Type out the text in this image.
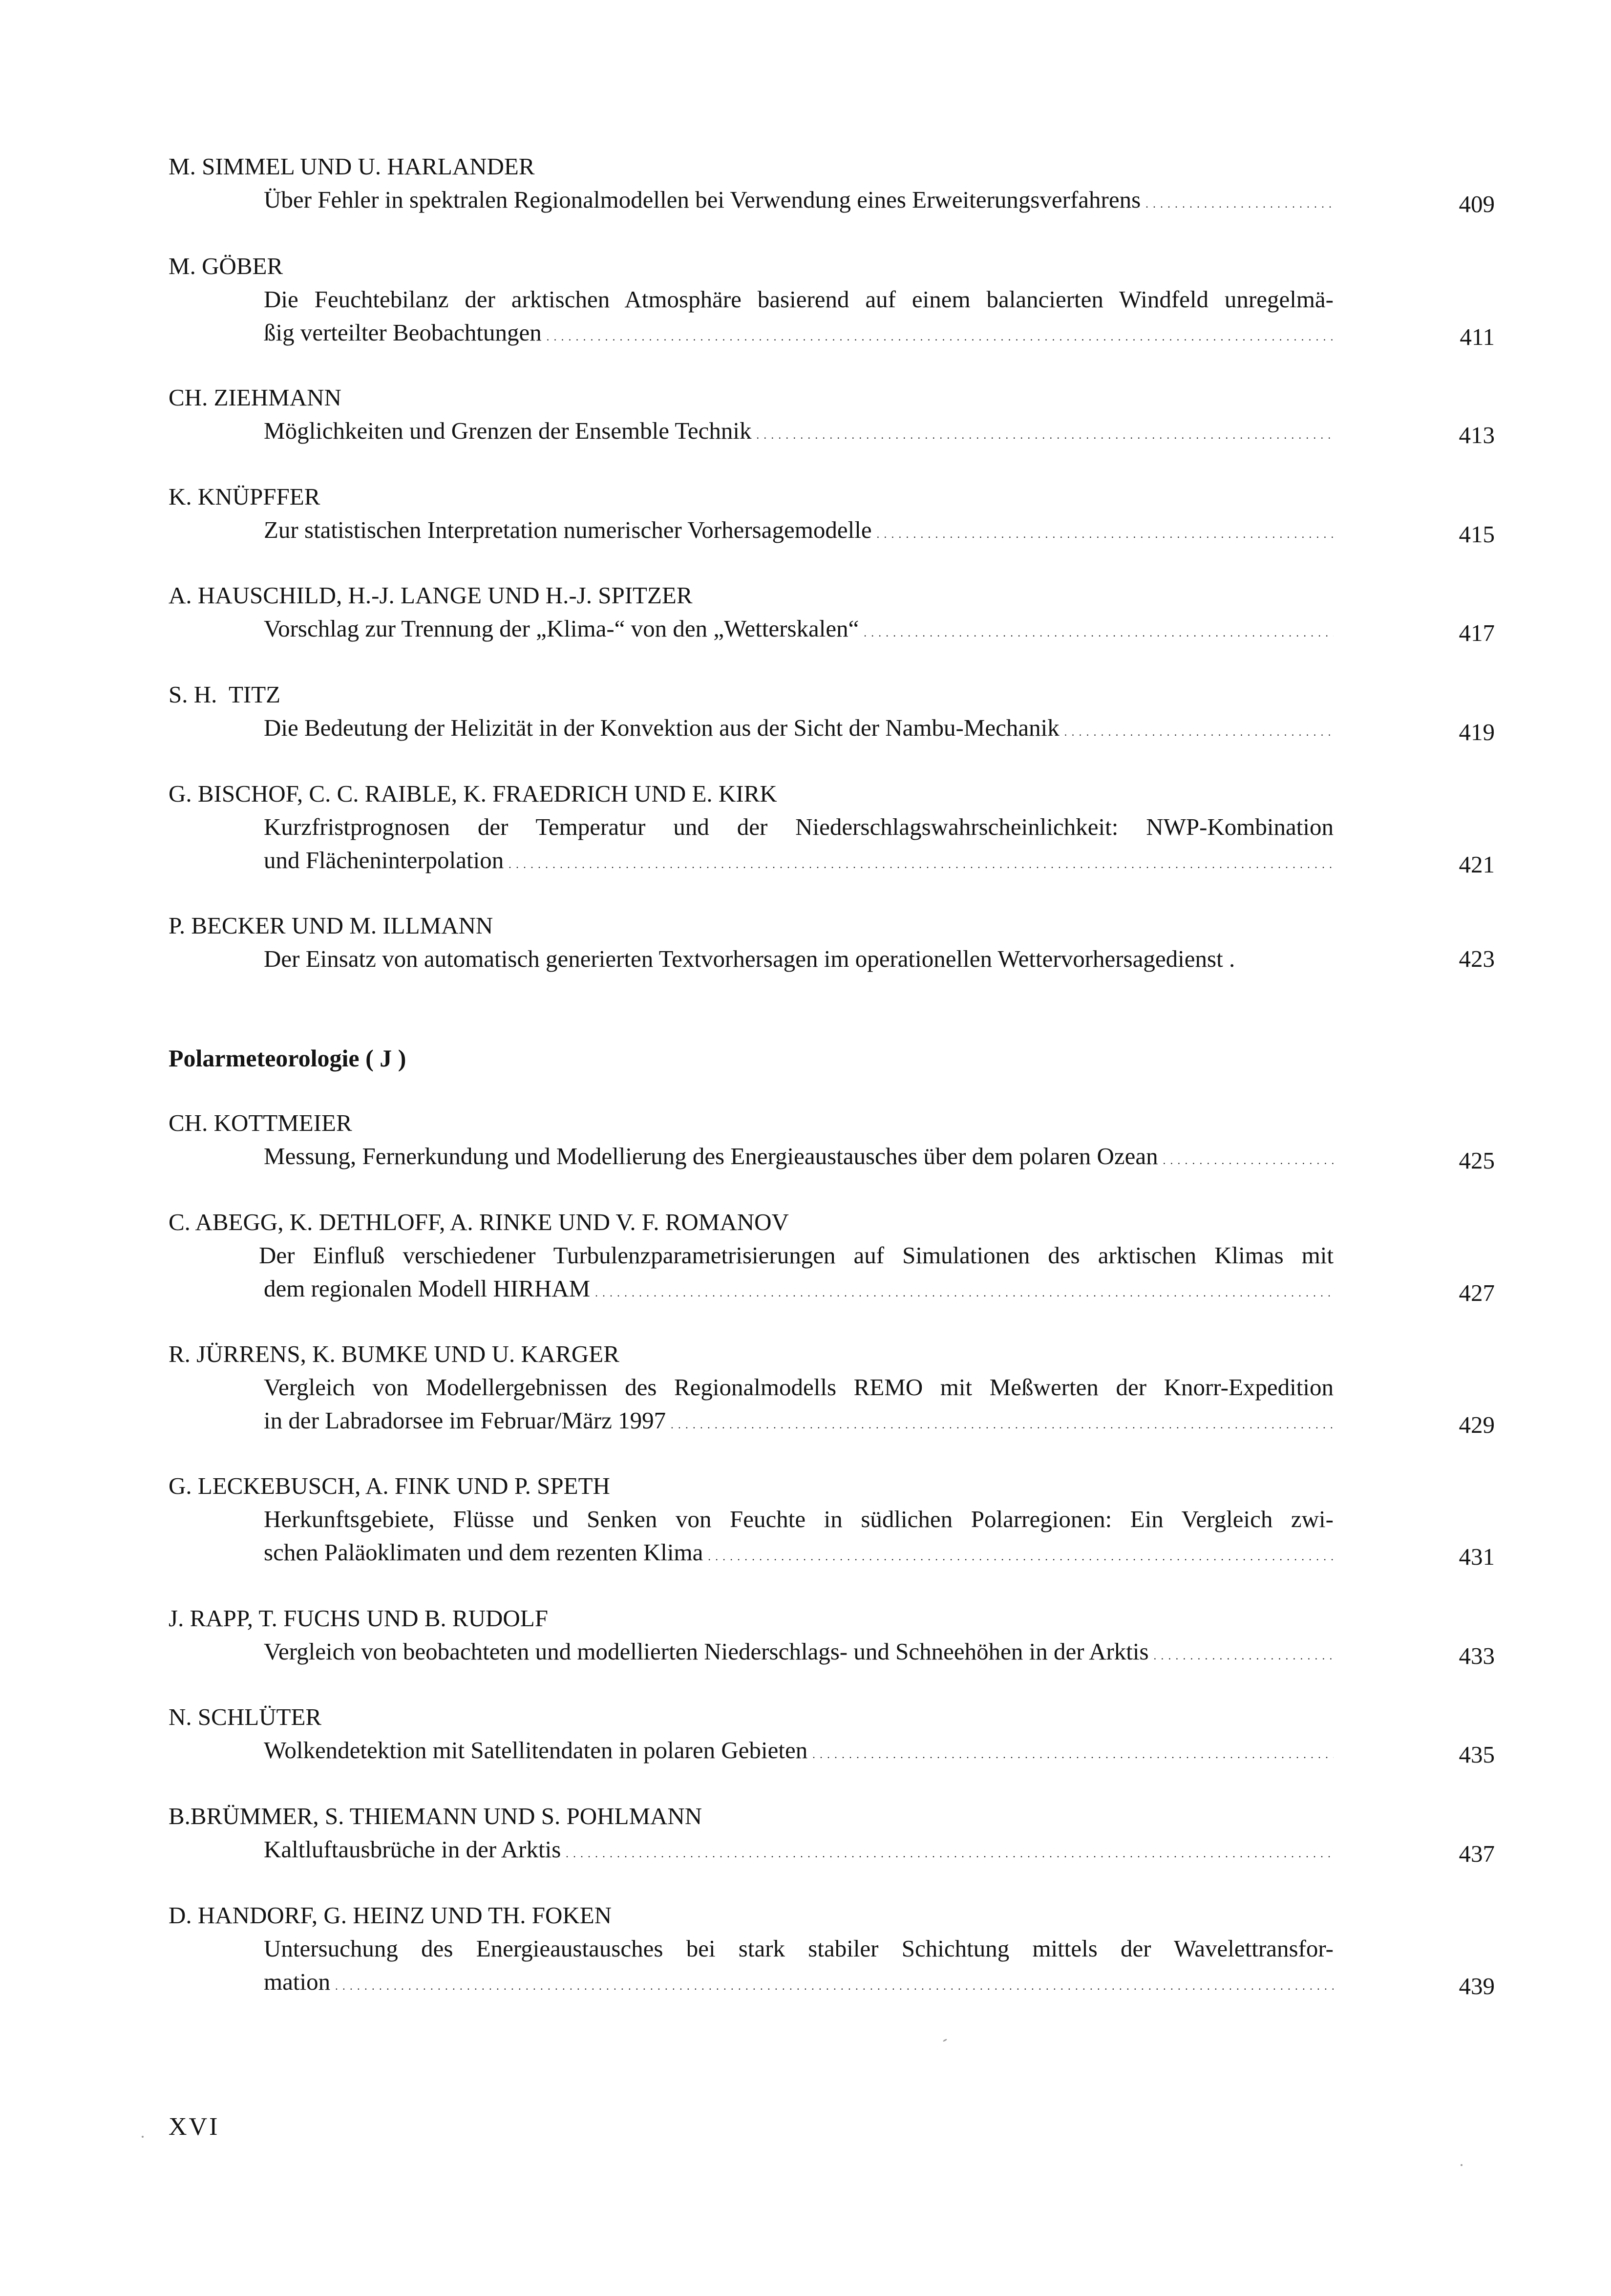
M. SIMMEL UND U. HARLANDER
Über Fehler in spektralen Regionalmodellen bei Verwendung eines Erweiterungsverfahrens . . .	409
M. GÖBER
Die Feuchtebilanz der arktischen Atmosphäre basierend auf einem balancierten Windfeld unregelmä-
ßig verteilter Beobachtungen . . .	411
CH. ZIEHMANN
Möglichkeiten und Grenzen der Ensemble Technik . . .	413
K. KNÜPFFER
Zur statistischen Interpretation numerischer Vorhersagemodelle . . .	415
A. HAUSCHILD, H.-J. LANGE UND H.-J. SPITZER
Vorschlag zur Trennung der „Klima-“ von den „Wetterskalen“ . . .	417
S. H.  TITZ
Die Bedeutung der Helizität in der Konvektion aus der Sicht der Nambu-Mechanik . . .	419
G. BISCHOF, C. C. RAIBLE, K. FRAEDRICH UND E. KIRK
Kurzfristprognosen der Temperatur und der Niederschlagswahrscheinlichkeit: NWP-Kombination
und Flächeninterpolation . . .	421
P. BECKER UND M. ILLMANN
Der Einsatz von automatisch generierten Textvorhersagen im operationellen Wettervorhersagedienst .	423
Polarmeteorologie ( J )
CH. KOTTMEIER
Messung, Fernerkundung und Modellierung des Energieaustausches über dem polaren Ozean . . .	425
C. ABEGG, K. DETHLOFF, A. RINKE UND V. F. ROMANOV
Der Einfluß verschiedener Turbulenzparametrisierungen auf Simulationen des arktischen Klimas mit
dem regionalen Modell HIRHAM . . .	427
R. JÜRRENS, K. BUMKE UND U. KARGER
Vergleich von Modellergebnissen des Regionalmodells REMO mit Meßwerten der Knorr-Expedition
in der Labradorsee im Februar/März 1997 . . .	429
G. LECKEBUSCH, A. FINK UND P. SPETH
Herkunftsgebiete, Flüsse und Senken von Feuchte in südlichen Polarregionen: Ein Vergleich zwi-
schen Paläoklimaten und dem rezenten Klima . . .	431
J. RAPP, T. FUCHS UND B. RUDOLF
Vergleich von beobachteten und modellierten Niederschlags- und Schneehöhen in der Arktis . . .	433
N. SCHLÜTER
Wolkendetektion mit Satellitendaten in polaren Gebieten . . .	435
B.BRÜMMER, S. THIEMANN UND S. POHLMANN
Kaltluftausbrüche in der Arktis . . .	437
D. HANDORF, G. HEINZ UND TH. FOKEN
Untersuchung des Energieaustausches bei stark stabiler Schichtung mittels der Wavelettransfor-
mation . . .	439
XVI
